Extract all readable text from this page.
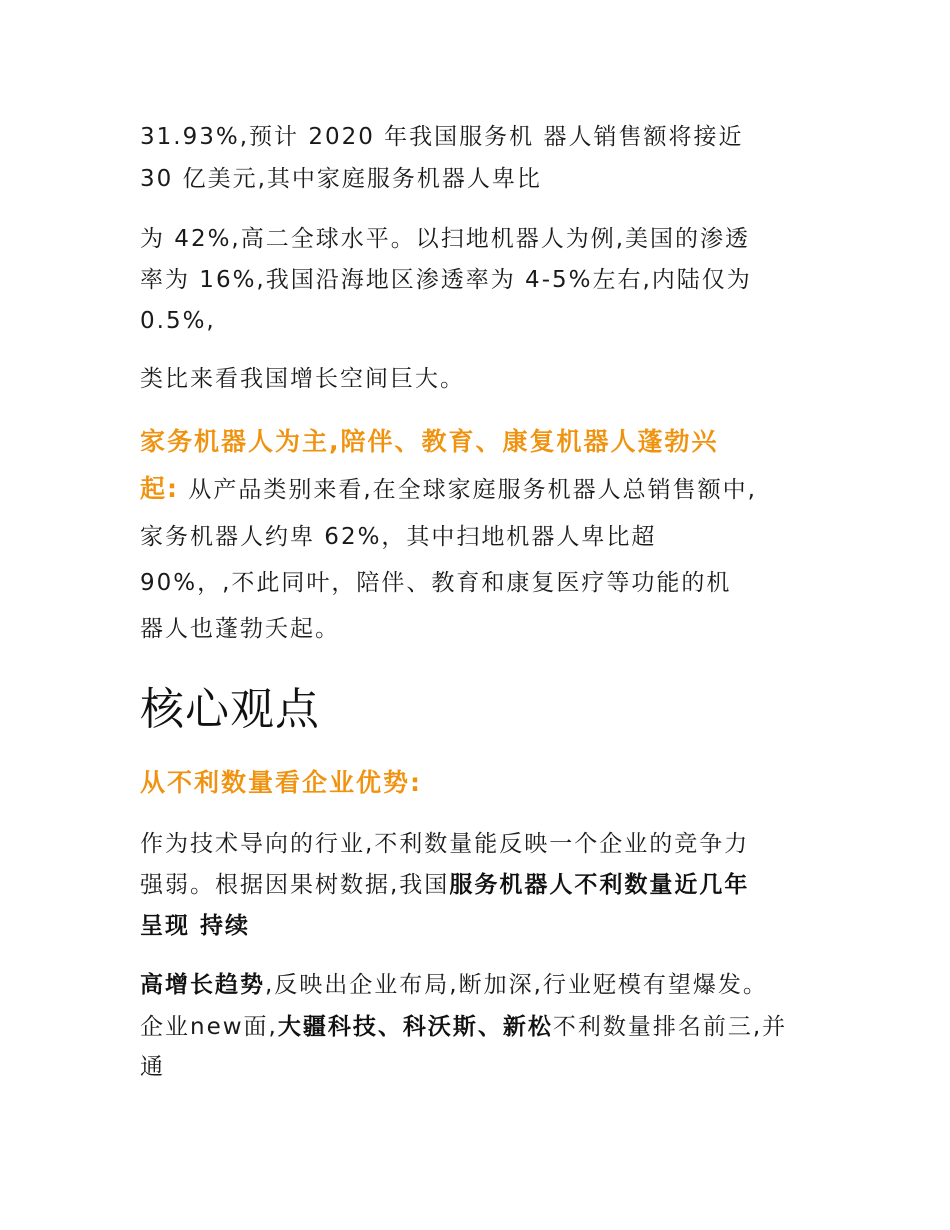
31.93%,预计 2020 年我国服务机 器人销售额将接近
30 亿美元,其中家庭服务机器人卑比
为 42%,高二全球水平。以扫地机器人为例,美国的渗透
率为 16%,我国沿海地区渗透率为 4-5%左右,内陆仅为
0.5%,
类比来看我国增长空间巨大。
家务机器人为主,陪伴、教育、康复机器人蓬勃兴
起: 从产品类别来看,在全球家庭服务机器人总销售额中,
家务机器人约卑 62%，其中扫地机器人卑比超
90%，,不此同叶，陪伴、教育和康复医疗等功能的机
器人也蓬勃夭起。
核心观点
从不利数量看企业优势:
作为技术导向的行业,不利数量能反映一个企业的竞争力
强弱。根据因果树数据,我国服务机器人不利数量近几年
呈现 持续
高增长趋势,反映出企业布局,断加深,行业觃模有望爆发。
企业new面,大疆科技、科沃斯、新松不利数量排名前三,并
通
